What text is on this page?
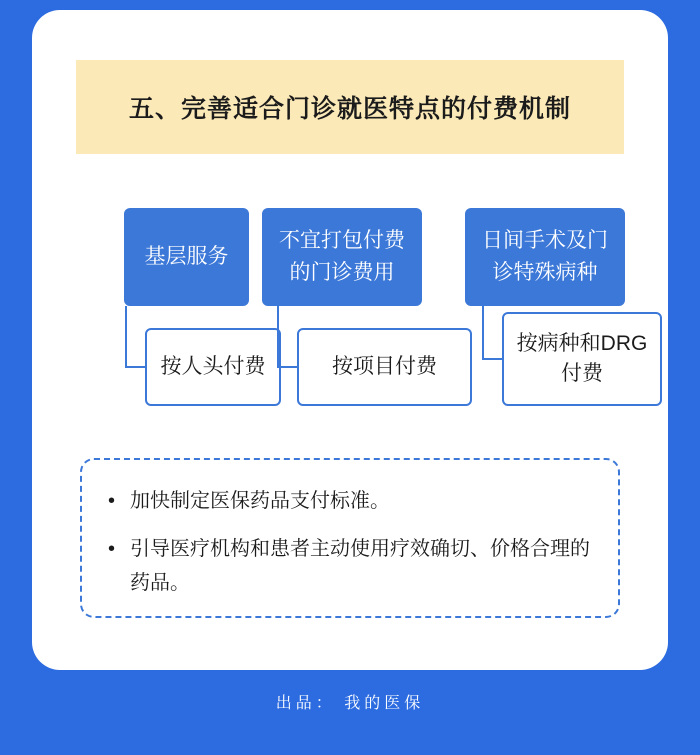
五、完善适合门诊就医特点的付费机制
基层服务
按人头付费
不宜打包付费的门诊费用
按项目付费
日间手术及门诊特殊病种
按病种和DRG付费
• 加快制定医保药品支付标准。
• 引导医疗机构和患者主动使用疗效确切、价格合理的药品。
出品： 我的医保
